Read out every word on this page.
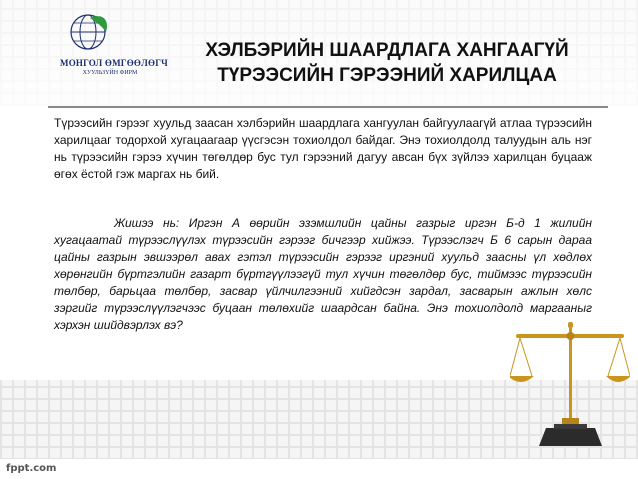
МОНГОЛ ӨМГӨӨЛӨГЧ
ХУУЛЬЗҮЙН ФИРМ
ХЭЛБЭРИЙН ШААРДЛАГА ХАНГААГҮЙ
ТҮРЭЭСИЙН ГЭРЭЭНИЙ ХАРИЛЦАА

Түрээсийн гэрээг хуульд заасан хэлбэрийн шаардлага хангуулан байгуулаагүй атлаа түрээсийн харилцааг тодорхой хугацаагаар үүсгэсэн тохиолдол байдаг. Энэ тохиолдолд талуудын аль нэг нь түрээсийн гэрээ хүчин төгөлдөр бус тул гэрээний дагуу авсан бүх зүйлээ харилцан буцааж өгөх ёстой гэж маргах нь бий.

Жишээ нь: Иргэн А өөрийн эзэмшлийн цайны газрыг иргэн Б-д 1 жилийн хугацаатай түрээслүүлэх түрээсийн гэрээг бичгээр хийжээ. Түрээслэгч Б 6 сарын дараа цайны газрын эвшээрөл авах гэтэл түрээсийн гэрээг иргэний хуульд заасны үл хөдлөх хөрөнгийн бүртгэлийн газарт бүртгүүлээгүй тул хүчин төгөлдөр бус, тиймээс түрээсийн төлбөр, барьцаа төлбөр, засвар үйлчилгээний хийгдсэн зардал, засварын ажлын хөлс зэргийг түрээслүүлэгчээс буцаан төлөхийг шаардсан байна. Энэ тохиолдолд маргааныг хэрхэн шийдвэрлэх вэ?

fppt.com
